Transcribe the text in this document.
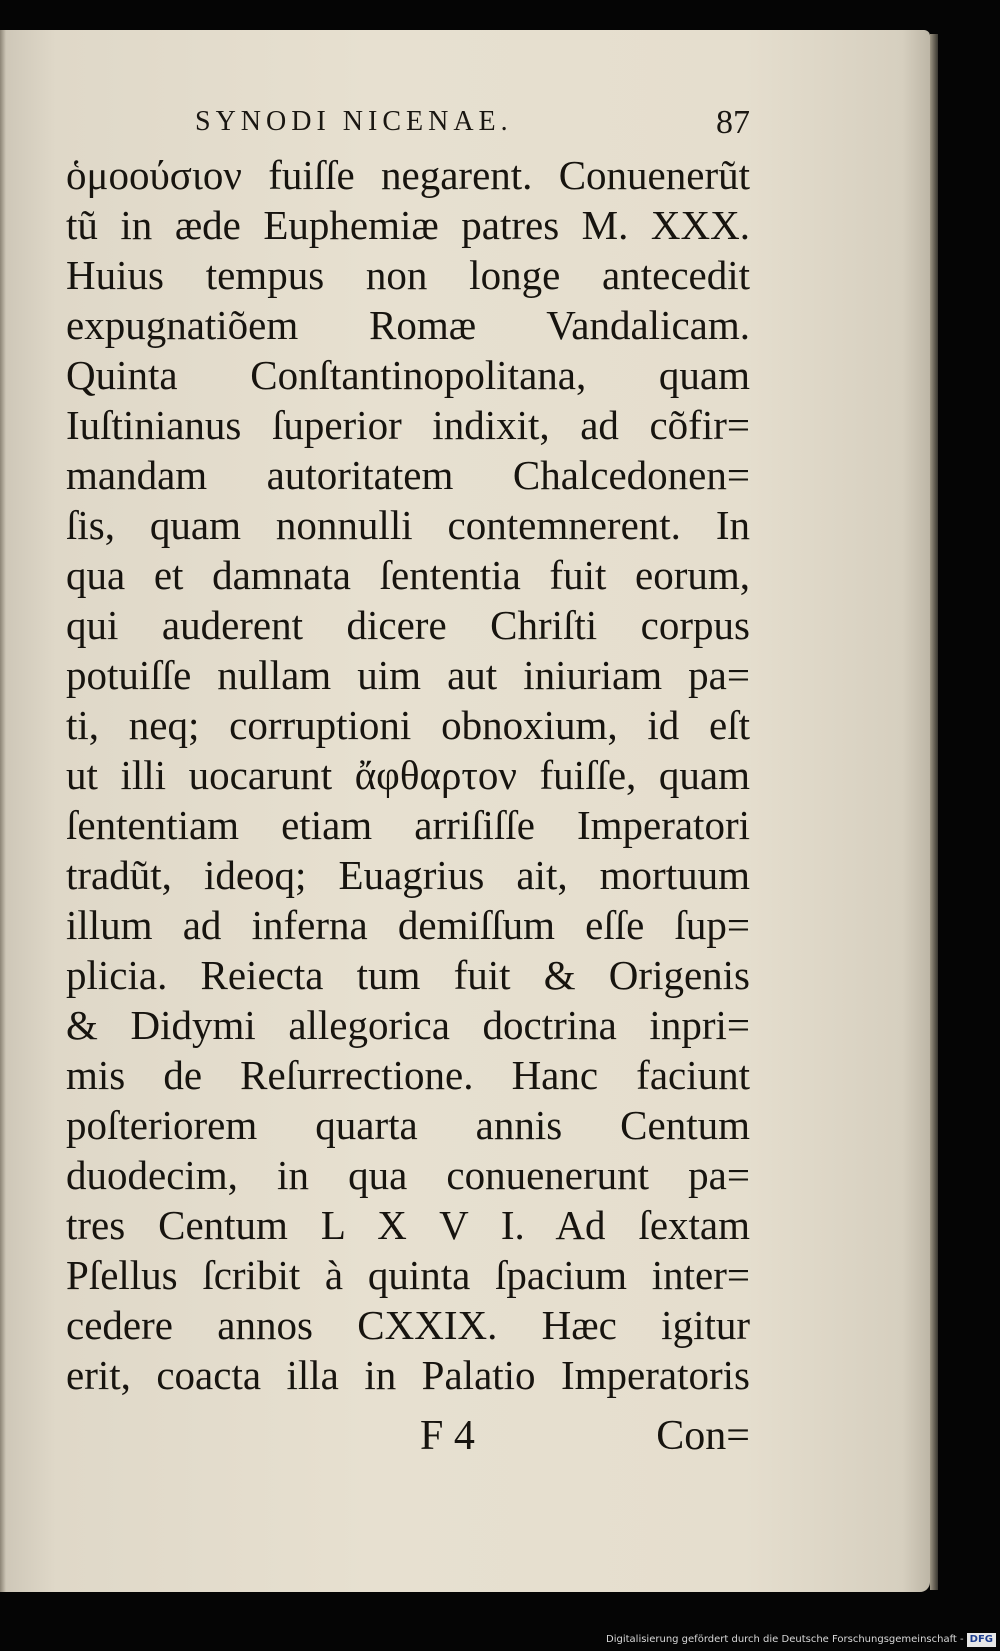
SYNODI NICENAE.	87
ὁμοούσιον fuiſſe negarent. Conuenerũt
tũ in æde Euphemiæ patres M. XXX.
Huius tempus non longe antecedit
expugnatiõem Romæ Vandalicam.
Quinta Conſtantinopolitana, quam
Iuſtinianus ſuperior indixit, ad cõfir=
mandam autoritatem Chalcedonen=
ſis, quam nonnulli contemnerent. In
qua et damnata ſententia fuit eorum,
qui auderent dicere Chriſti corpus
potuiſſe nullam uim aut iniuriam pa=
ti, neq; corruptioni obnoxium, id eſt
ut illi uocarunt ἄφθαρτον fuiſſe, quam
ſententiam etiam arriſiſſe Imperatori
tradũt, ideoq; Euagrius ait, mortuum
illum ad inferna demiſſum eſſe ſup=
plicia. Reiecta tum fuit & Origenis
& Didymi allegorica doctrina inpri=
mis de Reſurrectione. Hanc faciunt
poſteriorem quarta annis Centum
duodecim, in qua conuenerunt pa=
tres Centum L X V I. Ad ſextam
Pſellus ſcribit à quinta ſpacium inter=
cedere annos CXXIX. Hæc igitur
erit, coacta illa in Palatio Imperatoris
F 4	Con=
Digitalisierung gefördert durch die Deutsche Forschungsgemeinschaft - DFG
